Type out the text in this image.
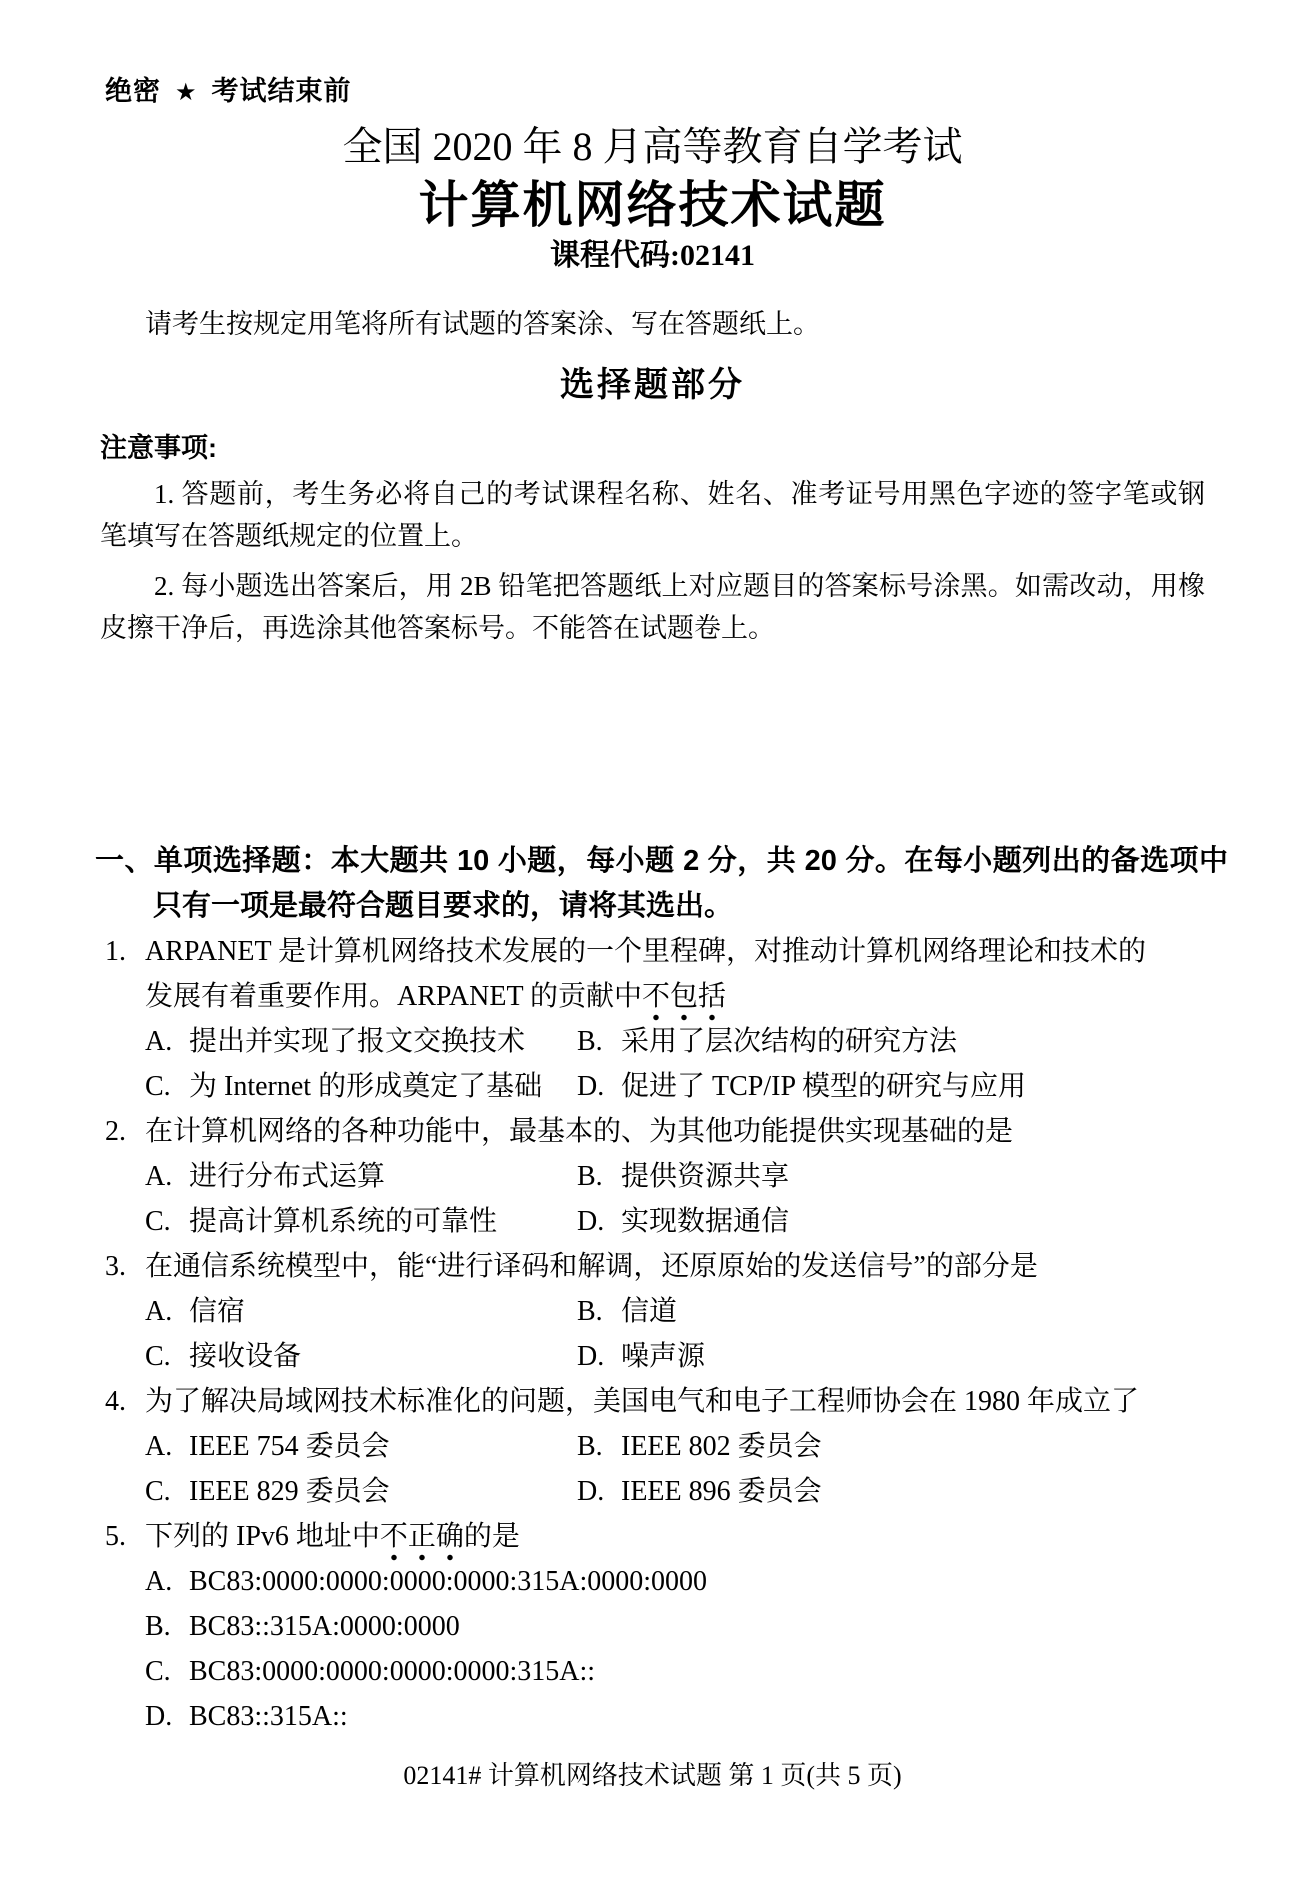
绝密 ★ 考试结束前
全国 2020 年 8 月高等教育自学考试
计算机网络技术试题
课程代码:02141

请考生按规定用笔将所有试题的答案涂、写在答题纸上。

选择题部分
注意事项:

1. 答题前，考生务必将自己的考试课程名称、姓名、准考证号用黑色字迹的签字笔或钢笔填写在答题纸规定的位置上。

2. 每小题选出答案后，用 2B 铅笔把答题纸上对应题目的答案标号涂黑。如需改动，用橡皮擦干净后，再选涂其他答案标号。不能答在试题卷上。

一、单项选择题：本大题共 10 小题，每小题 2 分，共 20 分。在每小题列出的备选项中只有一项是最符合题目要求的，请将其选出。
1. ARPANET 是计算机网络技术发展的一个里程碑，对推动计算机网络理论和技术的
发展有着重要作用。ARPANET 的贡献中不包括
A. 提出并实现了报文交换技术 B. 采用了层次结构的研究方法
C. 为 Internet 的形成奠定了基础 D. 促进了 TCP/IP 模型的研究与应用
2. 在计算机网络的各种功能中，最基本的、为其他功能提供实现基础的是
A. 进行分布式运算	B. 提供资源共享
C. 提高计算机系统的可靠性	D. 实现数据通信
3. 在通信系统模型中，能“进行译码和解调，还原原始的发送信号”的部分是
A. 信宿	B. 信道
C. 接收设备	D. 噪声源
4. 为了解决局域网技术标准化的问题，美国电气和电子工程师协会在 1980 年成立了
A. IEEE 754 委员会	B. IEEE 802 委员会
C. IEEE 829 委员会	D. IEEE 896 委员会
5. 下列的 IPv6 地址中不正确的是
A. BC83:0000:0000:0000:0000:315A:0000:0000
B. BC83::315A:0000:0000
C. BC83:0000:0000:0000:0000:315A::
D. BC83::315A::
02141# 计算机网络技术试题 第 1 页(共 5 页)
